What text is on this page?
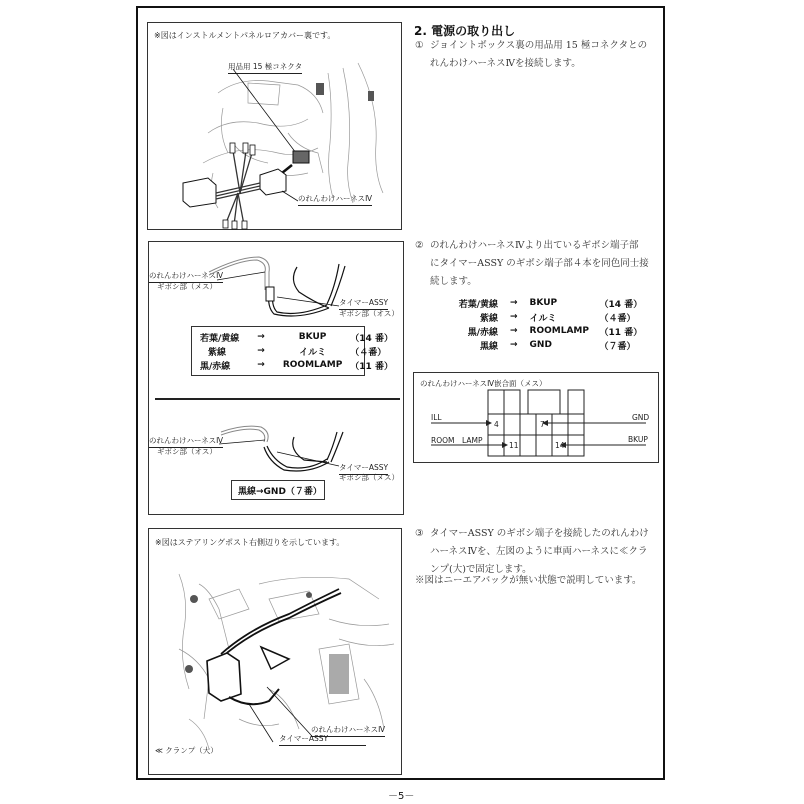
※図はインストルメントパネルロアカバー裏です。
用品用 15 極コネクタ
のれんわけハーネスⅣ
のれんわけハーネスⅣ
ギボシ部（メス）
タイマーASSY
ギボシ部（オス）
若葉/黄線	→	BKUP	（14 番）
紫線	→	イルミ	（４番）
黒/赤線	→	ROOMLAMP	（11 番）
のれんわけハーネスⅣ
ギボシ部（オス）
タイマーASSY
ギボシ部（メス）
黒線→GND（７番）
※図はステアリングポスト右側辺りを示しています。
のれんわけハーネスⅣ
タイマーASSY
≪ クランプ（大）
2. 電源の取り出し
① ジョイントボックス裏の用品用 15 極コネクタとの
れんわけハーネスⅣを接続します。
② のれんわけハーネスⅣより出ているギボシ端子部
にタイマーASSY のギボシ端子部４本を同色同士接
続します。
若葉/黄線	→	BKUP	（14 番）
紫線	→	イルミ	（４番）
黒/赤線	→	ROOMLAMP	（11 番）
黒線	→	GND	（７番）
のれんわけハーネスⅣ嵌合面（メス）
ILL
ROOM　LAMP
GND
BKUP
4	7
11	14
③ タイマーASSY のギボシ端子を接続したのれんわけ
ハーネスⅣを、左図のように車両ハーネスに≪クラ
ンプ(大)で固定します。
※図はニーエアバックが無い状態で説明しています。
－5－
